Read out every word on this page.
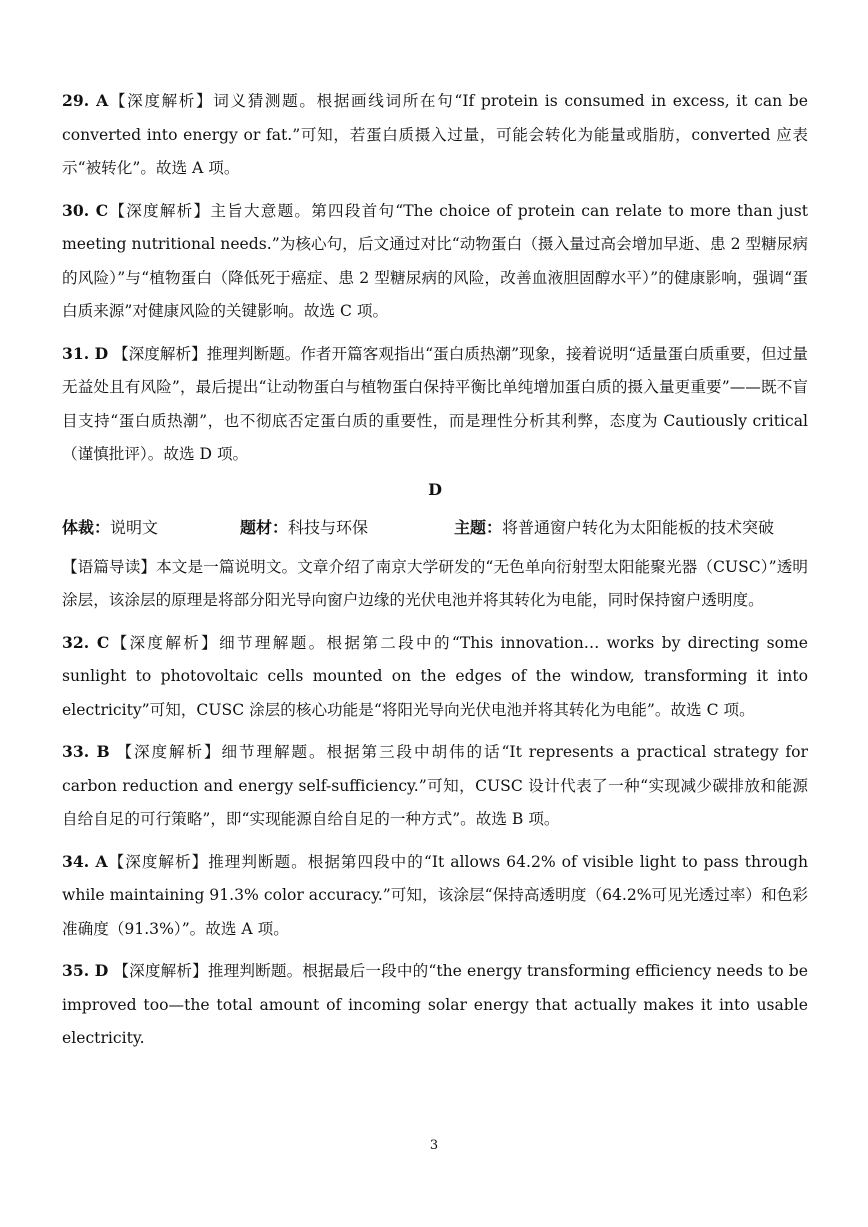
29. A【深度解析】词义猜测题。根据画线词所在句“If protein is consumed in excess, it can be converted into energy or fat.”可知，若蛋白质摄入过量，可能会转化为能量或脂肪，converted 应表示“被转化”。故选 A 项。

30. C【深度解析】主旨大意题。第四段首句“The choice of protein can relate to more than just meeting nutritional needs.”为核心句，后文通过对比“动物蛋白（摄入量过高会增加早逝、患 2 型糖尿病的风险）”与“植物蛋白（降低死于癌症、患 2 型糖尿病的风险，改善血液胆固醇水平）”的健康影响，强调“蛋白质来源”对健康风险的关键影响。故选 C 项。

31. D 【深度解析】推理判断题。作者开篇客观指出“蛋白质热潮”现象，接着说明“适量蛋白质重要，但过量无益处且有风险”，最后提出“让动物蛋白与植物蛋白保持平衡比单纯增加蛋白质的摄入量更重要”——既不盲目支持“蛋白质热潮”，也不彻底否定蛋白质的重要性，而是理性分析其利弊，态度为 Cautiously critical（谨慎批评）。故选 D 项。

D
体裁：说明文	题材：科技与环保	主题：将普通窗户转化为太阳能板的技术突破

【语篇导读】本文是一篇说明文。文章介绍了南京大学研发的“无色单向衍射型太阳能聚光器（CUSC）”透明涂层，该涂层的原理是将部分阳光导向窗户边缘的光伏电池并将其转化为电能，同时保持窗户透明度。

32. C【深度解析】细节理解题。根据第二段中的“This innovation… works by directing some sunlight to photovoltaic cells mounted on the edges of the window, transforming it into electricity”可知，CUSC 涂层的核心功能是“将阳光导向光伏电池并将其转化为电能”。故选 C 项。

33. B 【深度解析】细节理解题。根据第三段中胡伟的话“It represents a practical strategy for carbon reduction and energy self-sufficiency.”可知，CUSC 设计代表了一种“实现减少碳排放和能源自给自足的可行策略”，即“实现能源自给自足的一种方式”。故选 B 项。

34. A【深度解析】推理判断题。根据第四段中的“It allows 64.2% of visible light to pass through while maintaining 91.3% color accuracy.”可知，该涂层“保持高透明度（64.2%可见光透过率）和色彩准确度（91.3%）”。故选 A 项。

35. D 【深度解析】推理判断题。根据最后一段中的“the energy transforming efficiency needs to be improved too—the total amount of incoming solar energy that actually makes it into usable electricity.

3
